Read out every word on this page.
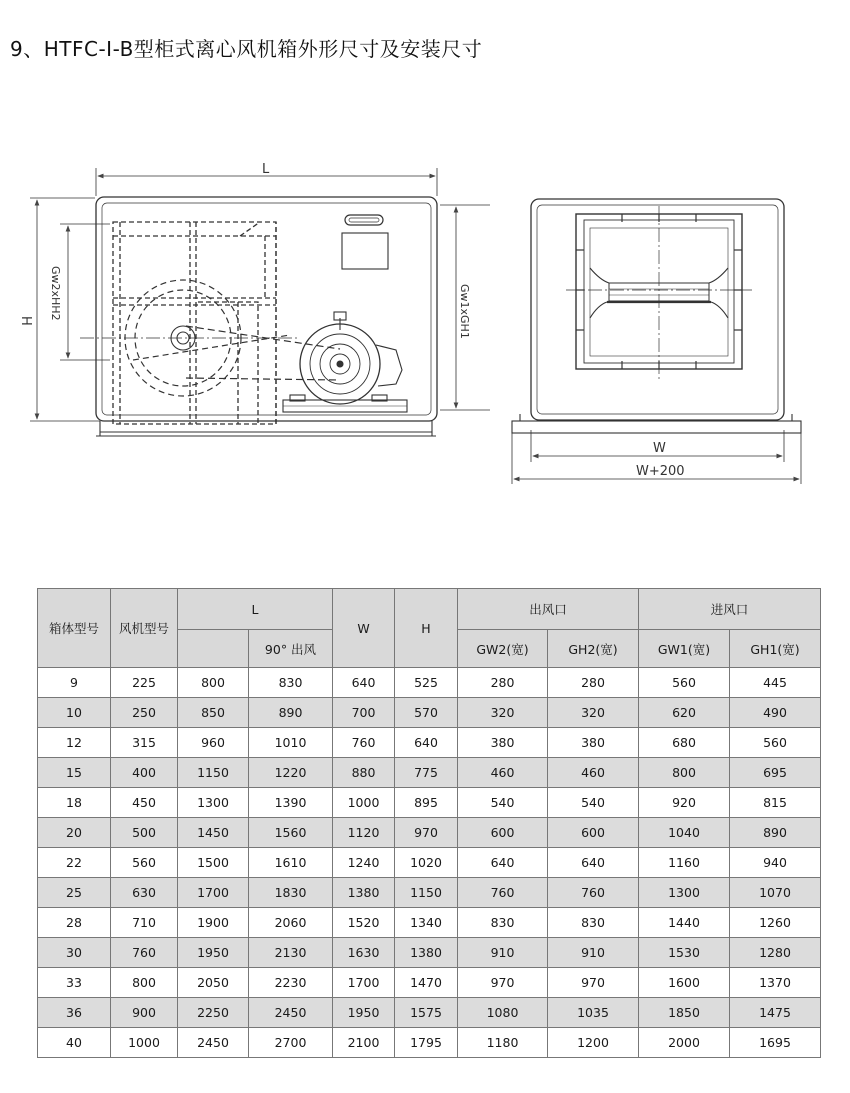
9、HTFC-I-B型柜式离心风机箱外形尺寸及安装尺寸
L
H
Gw2xHH2	Gw1xGH1
W
W+200
箱体型号	风机型号	L		W	H	出风口		进风口	
			90° 出风			GW2(宽)	GH2(宽)	GW1(宽)	GH1(宽)
9	225	800	830	640	525	280	280	560	445
10	250	850	890	700	570	320	320	620	490
12	315	960	1010	760	640	380	380	680	560
15	400	1150	1220	880	775	460	460	800	695
18	450	1300	1390	1000	895	540	540	920	815
20	500	1450	1560	1120	970	600	600	1040	890
22	560	1500	1610	1240	1020	640	640	1160	940
25	630	1700	1830	1380	1150	760	760	1300	1070
28	710	1900	2060	1520	1340	830	830	1440	1260
30	760	1950	2130	1630	1380	910	910	1530	1280
33	800	2050	2230	1700	1470	970	970	1600	1370
36	900	2250	2450	1950	1575	1080	1035	1850	1475
40	1000	2450	2700	2100	1795	1180	1200	2000	1695
